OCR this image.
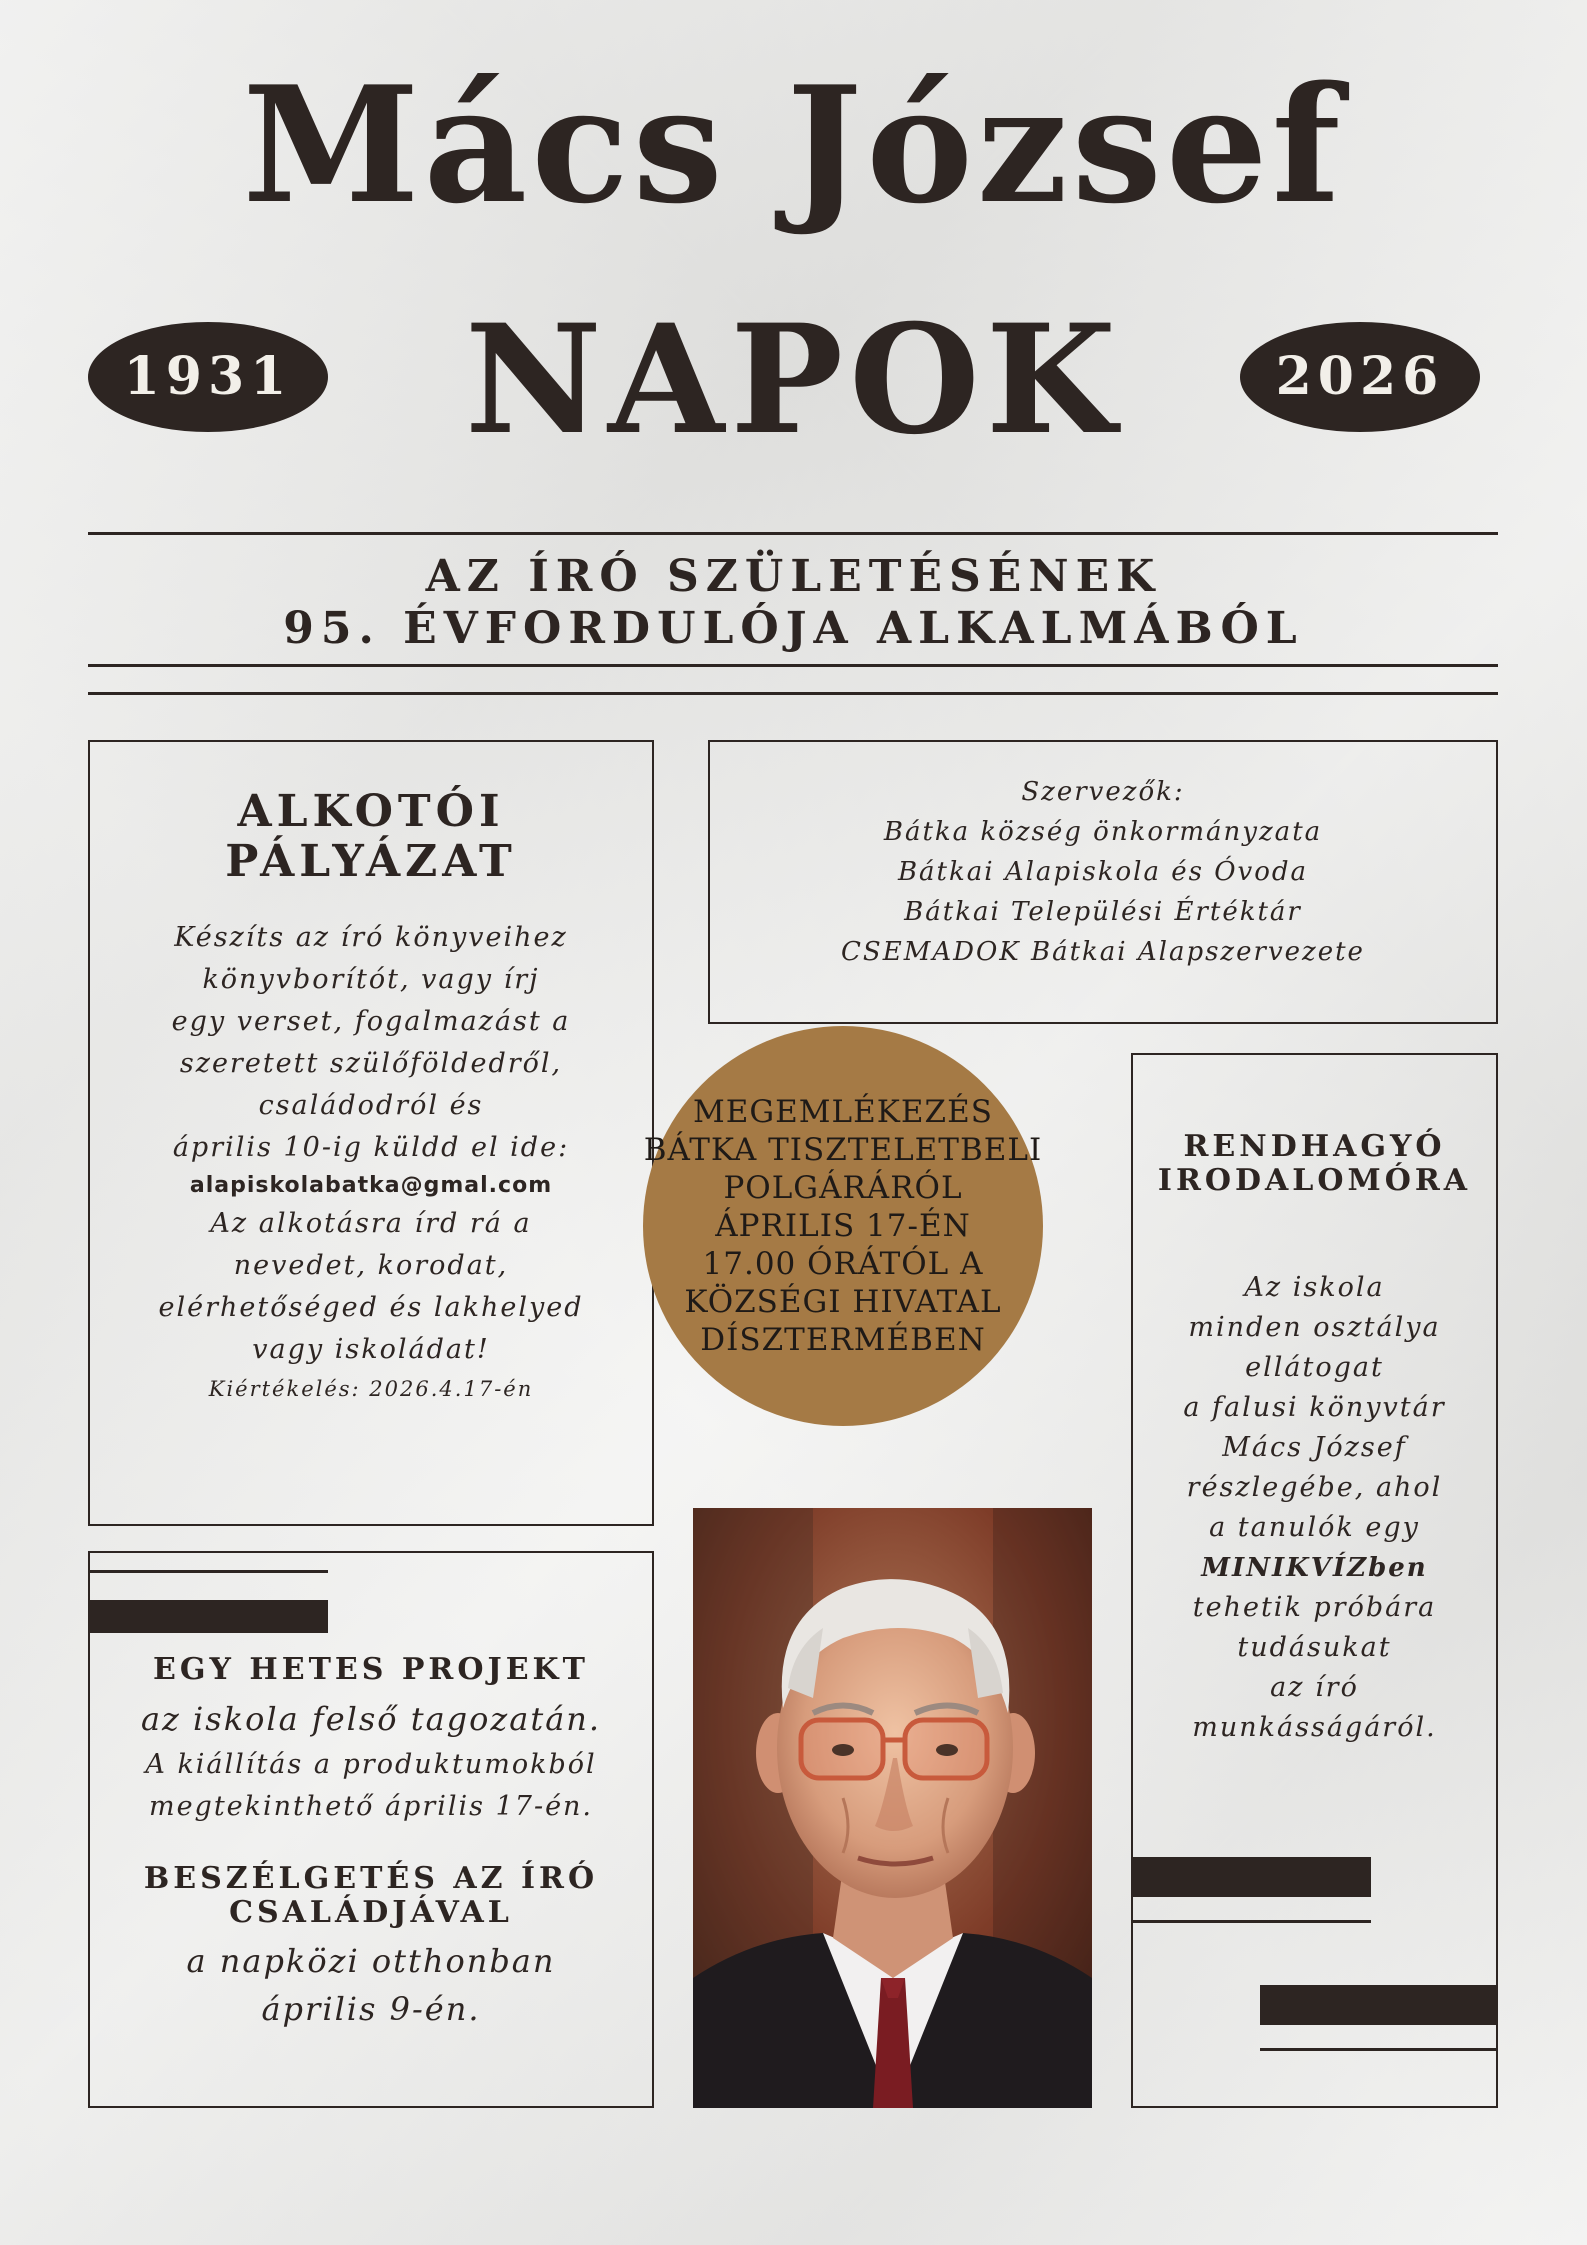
Mács József
1931	NAPOK	2026
AZ ÍRÓ SZÜLETÉSÉNEK
95. ÉVFORDULÓJA ALKALMÁBÓL
ALKOTÓI
PÁLYÁZAT
Készíts az író könyveihez
könyvborítót, vagy írj
egy verset, fogalmazást a
szeretett szülőföldedről,
családodról és
április 10-ig küldd el ide:
alapiskolabatka@gmal.com
Az alkotásra írd rá a
nevedet, korodat,
elérhetőséged és lakhelyed
vagy iskoládat!
Kiértékelés: 2026.4.17-én
Szervezők:
Bátka község önkormányzata
Bátkai Alapiskola és Óvoda
Bátkai Települési Értéktár
CSEMADOK Bátkai Alapszervezete
RENDHAGYÓ
IRODALOMÓRA
Az iskola
minden osztálya
ellátogat
a falusi könyvtár
Mács József
részlegébe, ahol
a tanulók egy
MINIKVÍZben
tehetik próbára
tudásukat
az író
munkásságáról.
EGY HETES PROJEKT
az iskola felső tagozatán.
A kiállítás a produktumokból
megtekinthető április 17-én.
BESZÉLGETÉS AZ ÍRÓ
CSALÁDJÁVAL
a napközi otthonban
április 9-én.
MEGEMLÉKEZÉS
BÁTKA TISZTELETBELI
POLGÁRÁRÓL
ÁPRILIS 17-ÉN
17.00 ÓRÁTÓL A
KÖZSÉGI HIVATAL
DÍSZTERMÉBEN
